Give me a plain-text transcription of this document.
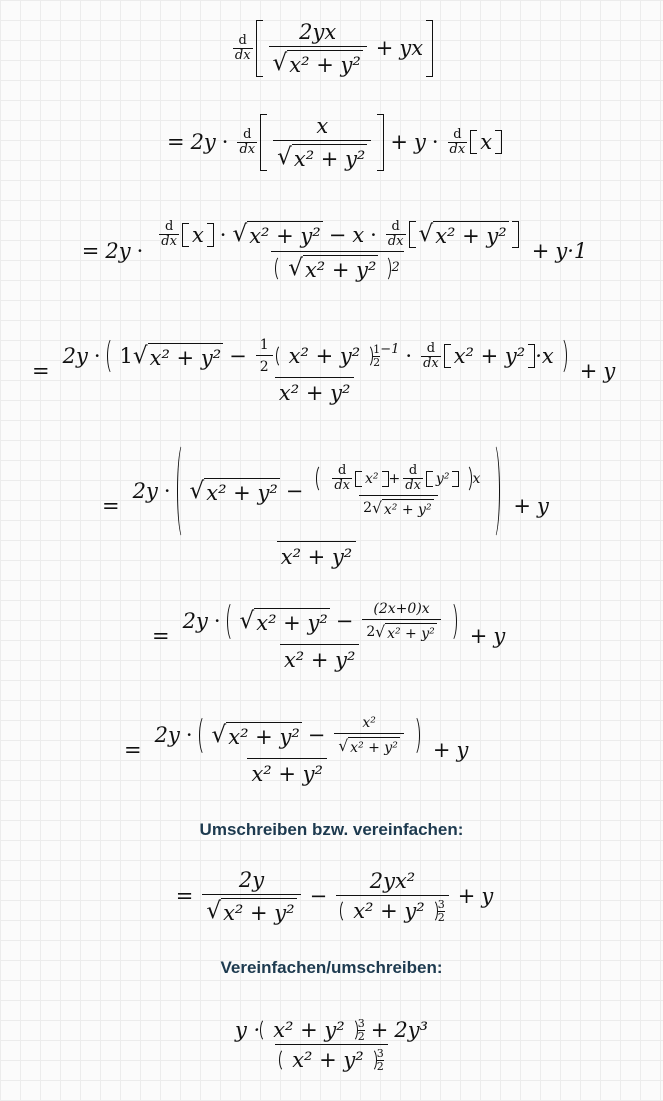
$\frac{d}{dx} \frac{2yx}{\text{√ x² + y²}}$ + yx
= $2y \cdot \frac{d}{dx} \frac{x}{\text{√ x² + y²}} + y \cdot \frac{d}{dx}$ x
= 2y ·
$\frac{d}{dx}$ x · √ $x^2 + y^2 - x \cdot \frac{d}{dx}$ √ x² + y²
√ x² + y² 2
+ y·1
=
2y · 1 √ $x^2 + y^2 - \frac{1}{2} x^2 + y^2 \frac{1}{2} -1 \cdot \frac{d}{dx} x^2 + y^2 \cdot x$
x² + y²
+ y
=
2y · √ x² + y² −	$\frac{d}{dx} x^2 + \frac{d}{dx} y^2$ x
2 √ x² + y²
x² + y²
+ y
=
2y · √ $x^2 + y^2 - \frac{(2x+0)x}{\text{2 √ x² + y²}}$
x² + y²
+ y
=
2y · √ $x^2 + y^2 - \frac{\text{x²}}{\text{√ x² + y²}}$
x² + y²
+ y
Umschreiben bzw. vereinfachen:
= $\frac{2y}{\text{√ x² + y²}} - \frac{\text{2yx²}}{x^2 + y^2 \frac{3}{2}} + y$
Vereinfachen/umschreiben:
$\frac{y \cdot x^2 + y^2 \frac{3}{2} + 2y^3}{x^2 + y^2 \frac{3}{2}}$
